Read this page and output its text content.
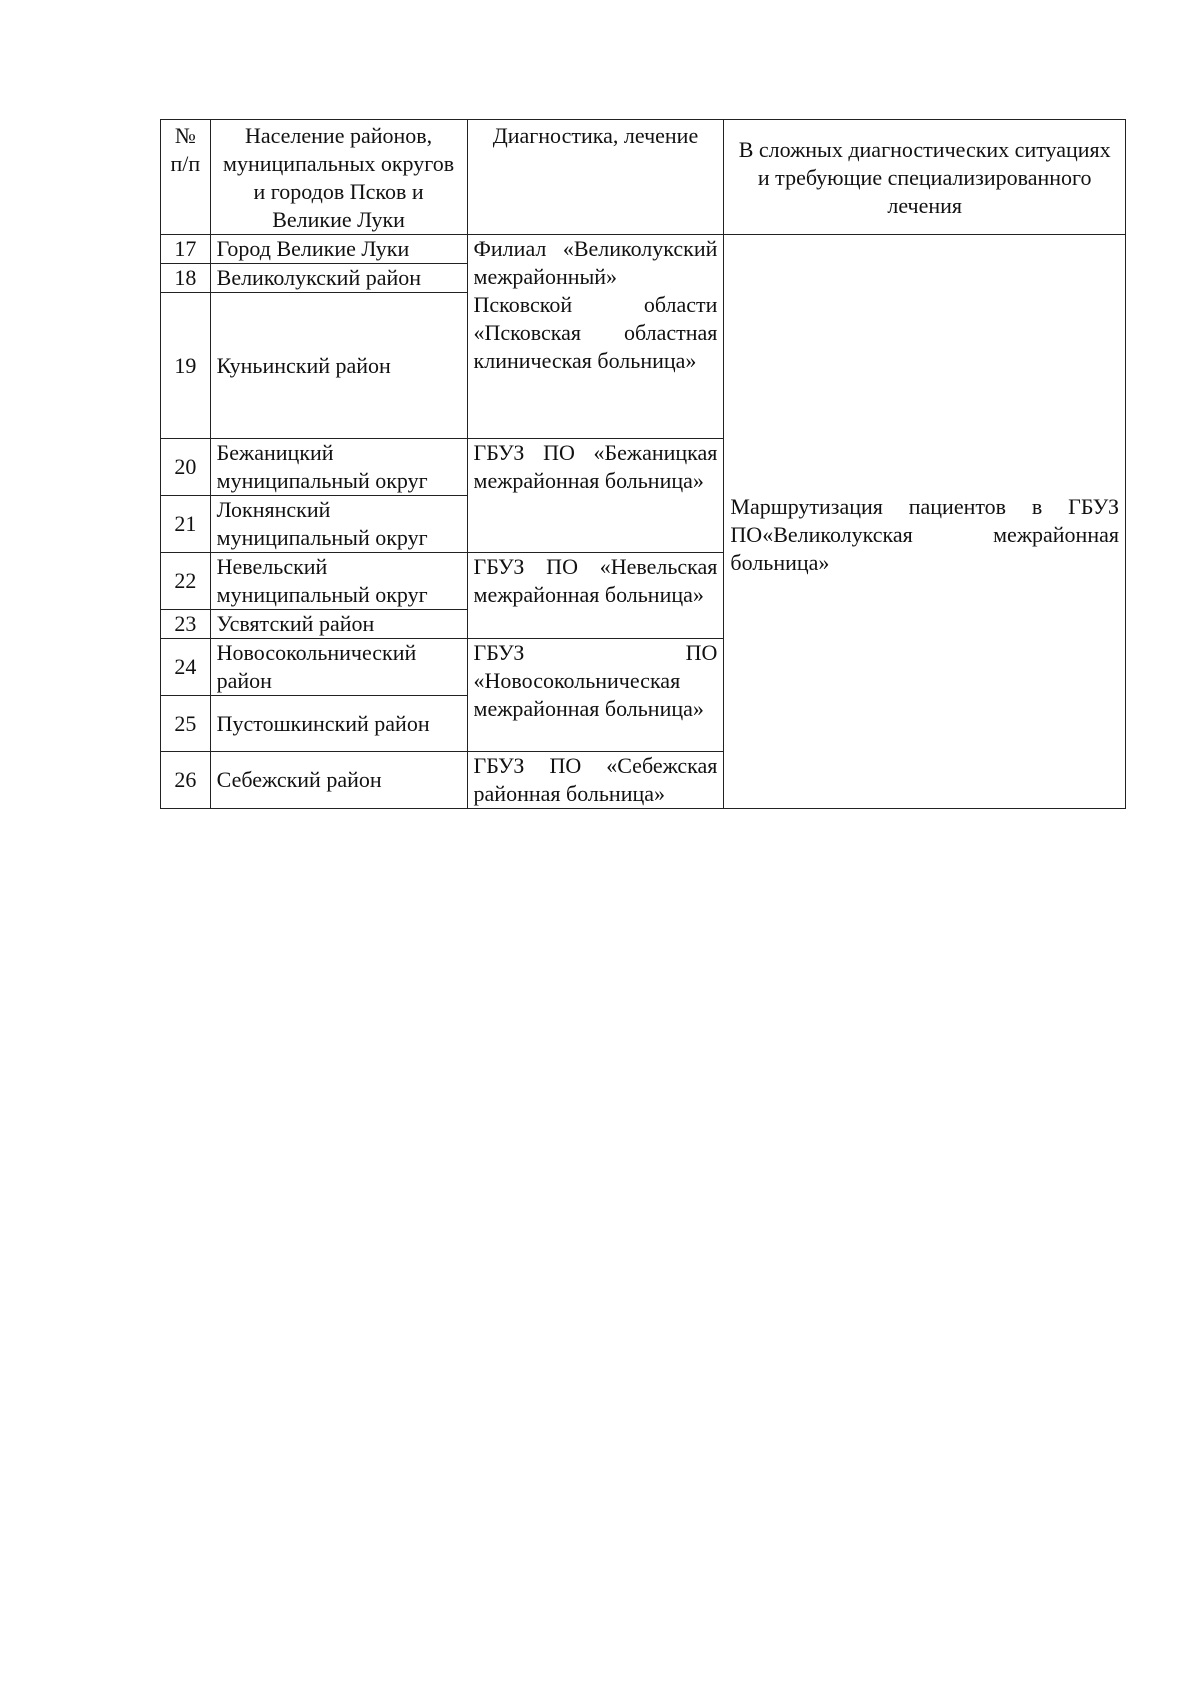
№ п/п	Население районов, муниципальных округов и городов Псков и Великие Луки	Диагностика, лечение	В сложных диагностических ситуациях и требующие специализированного лечения
17	Город Великие Луки	Филиал «Великолукский межрайонный» Псковской области «Псковская областная клиническая больница»	Маршрутизация пациентов в ГБУЗ ПО«Великолукская межрайонная больница»
18	Великолукский район		
19	Куньинский район		
20	Бежаницкий муниципальный округ	ГБУЗ ПО «Бежаницкая межрайонная больница»	
21	Локнянский муниципальный округ		
22	Невельский муниципальный округ	ГБУЗ ПО «Невельская межрайонная больница»	
23	Усвятский район		
24	Новосокольнический район	ГБУЗ ПО «Новосокольническая межрайонная больница»	
25	Пустошкинский район		
26	Себежский район	ГБУЗ ПО «Себежская районная больница»	
